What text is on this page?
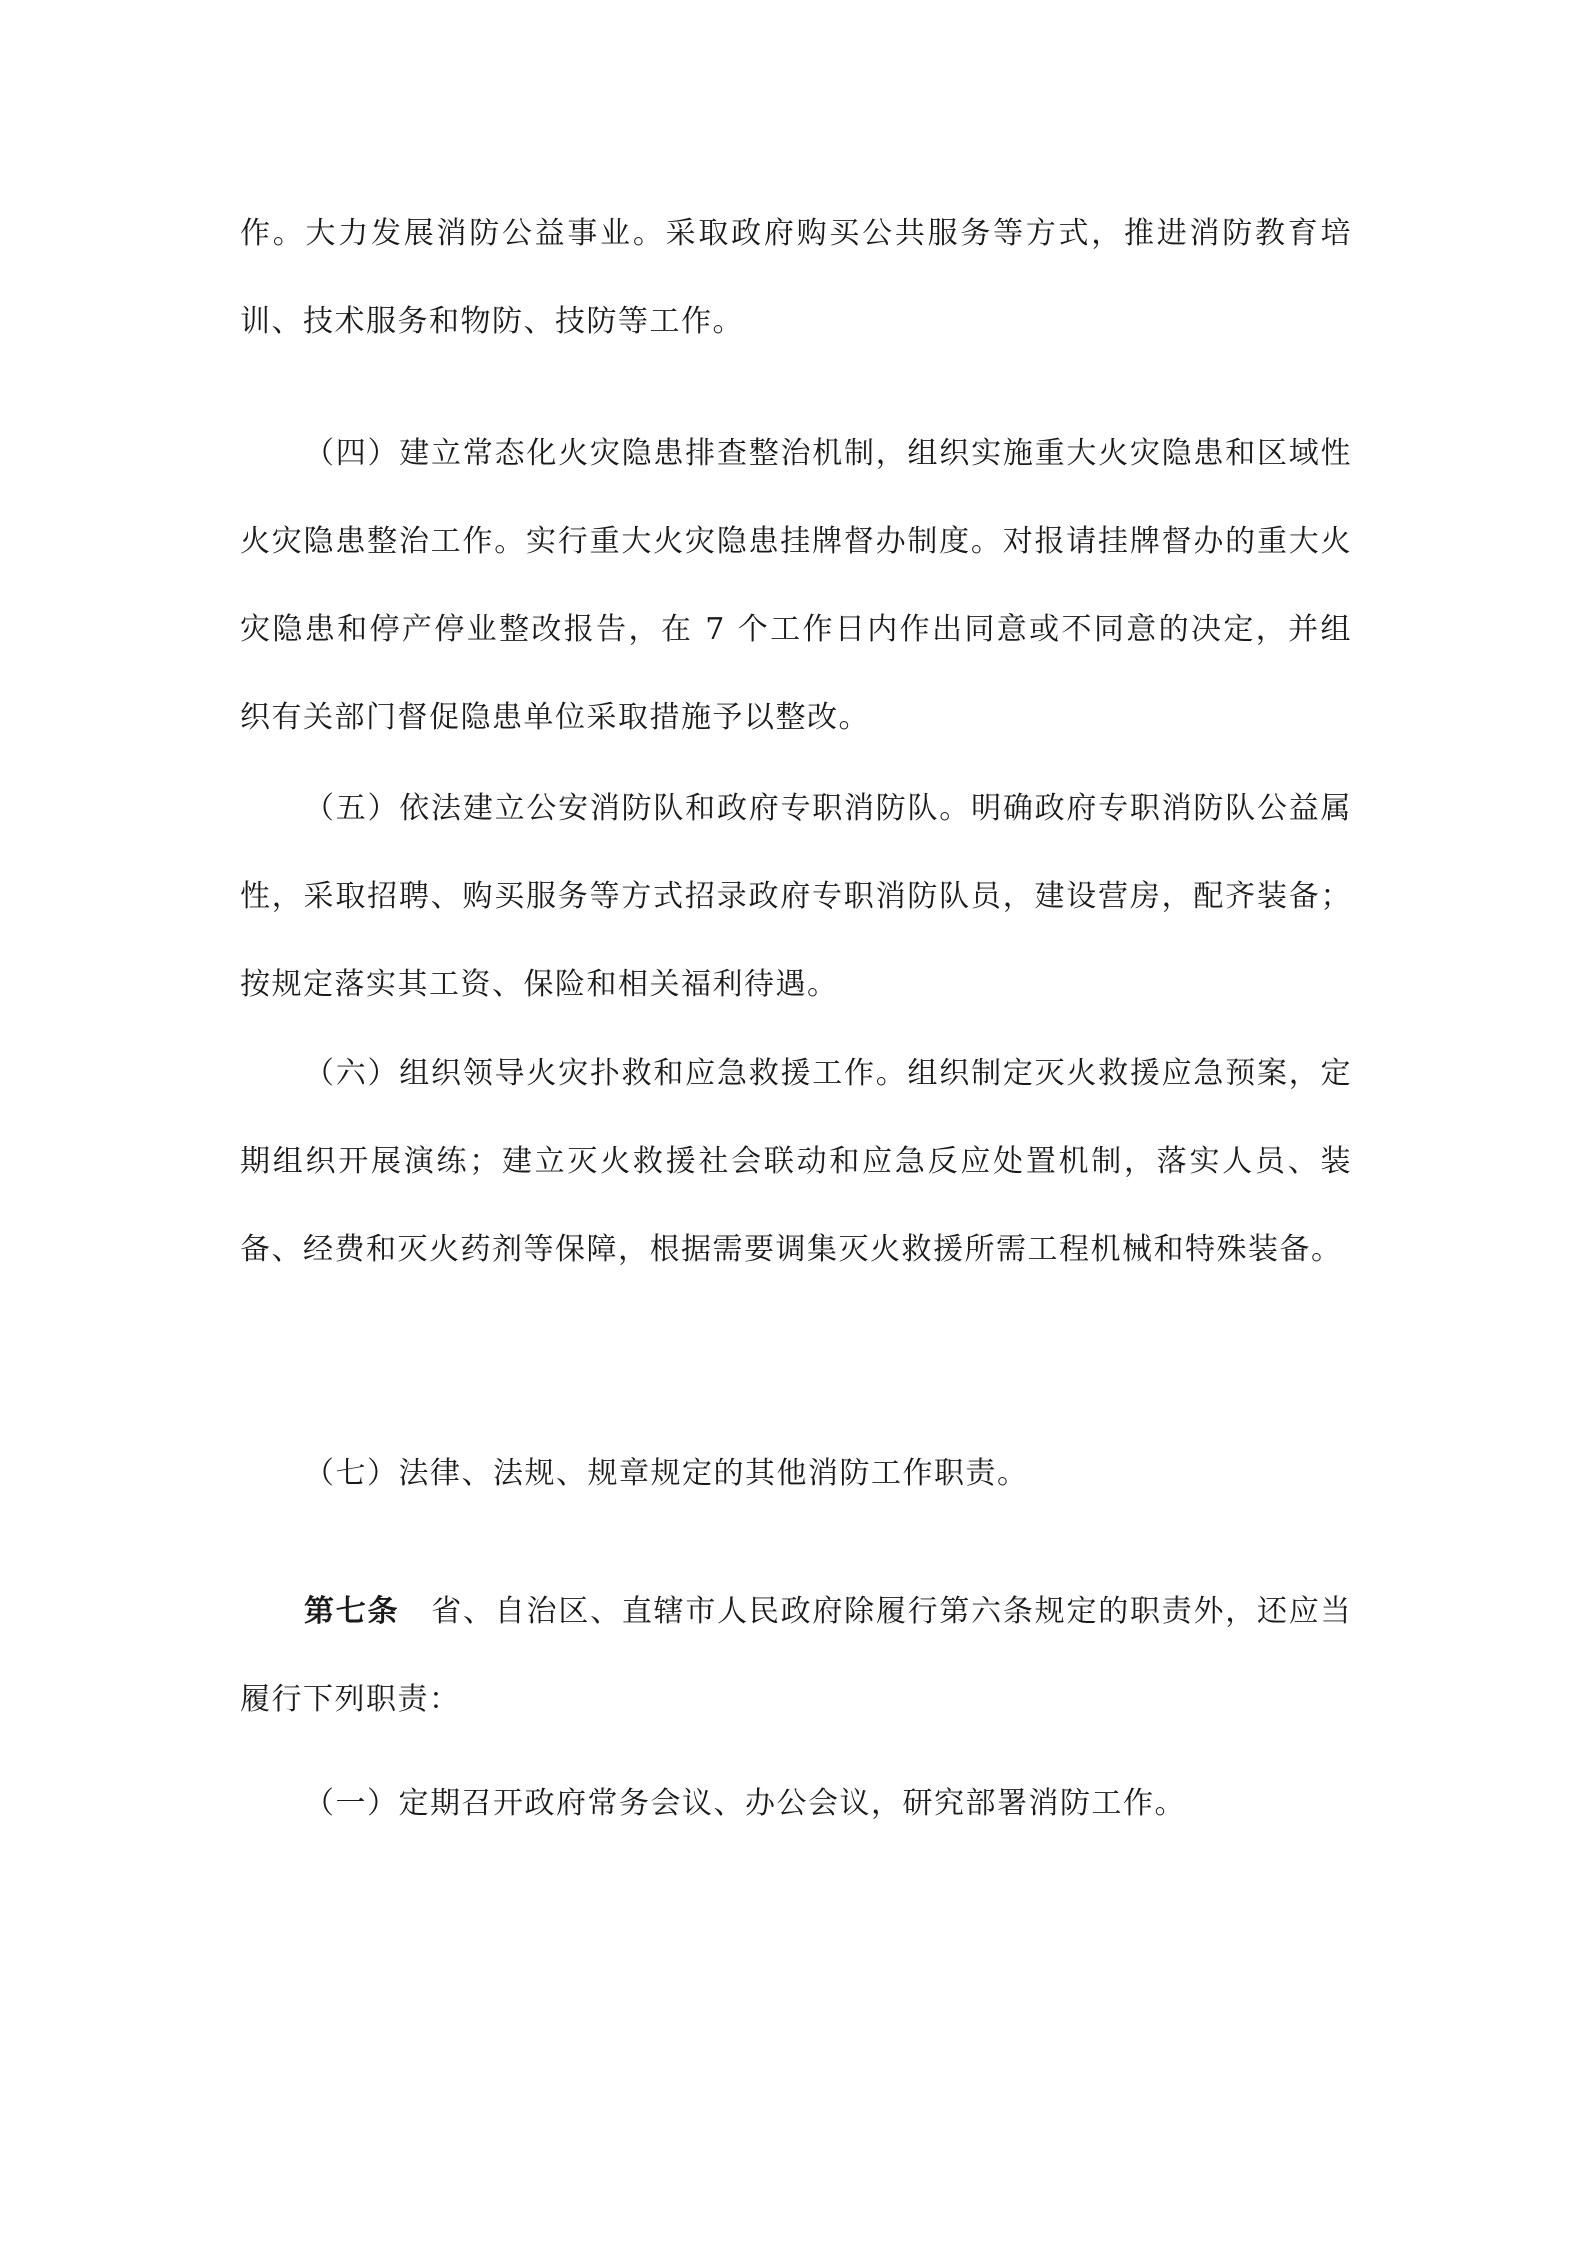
作。大力发展消防公益事业。采取政府购买公共服务等方式，推进消防教育培训、技术服务和物防、技防等工作。

（四）建立常态化火灾隐患排查整治机制，组织实施重大火灾隐患和区域性火灾隐患整治工作。实行重大火灾隐患挂牌督办制度。对报请挂牌督办的重大火灾隐患和停产停业整改报告，在 7 个工作日内作出同意或不同意的决定，并组织有关部门督促隐患单位采取措施予以整改。

（五）依法建立公安消防队和政府专职消防队。明确政府专职消防队公益属性，采取招聘、购买服务等方式招录政府专职消防队员，建设营房，配齐装备；按规定落实其工资、保险和相关福利待遇。

（六）组织领导火灾扑救和应急救援工作。组织制定灭火救援应急预案，定期组织开展演练；建立灭火救援社会联动和应急反应处置机制，落实人员、装备、经费和灭火药剂等保障，根据需要调集灭火救援所需工程机械和特殊装备。

（七）法律、法规、规章规定的其他消防工作职责。

第七条 省、自治区、直辖市人民政府除履行第六条规定的职责外，还应当履行下列职责：

（一）定期召开政府常务会议、办公会议，研究部署消防工作。
